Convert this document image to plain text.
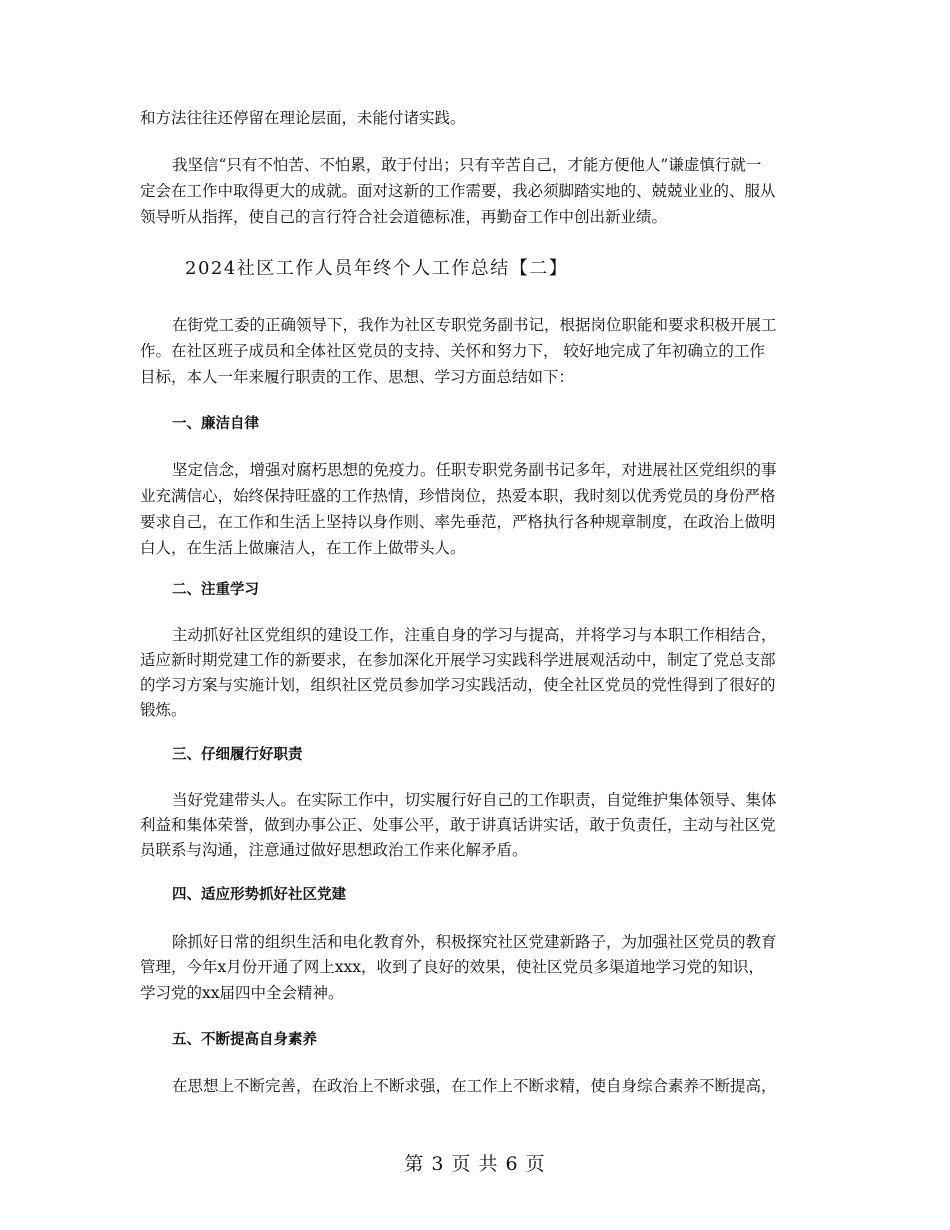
和方法往往还停留在理论层面，未能付诸实践。
我坚信“只有不怕苦、不怕累，敢于付出；只有辛苦自己，才能方便他人”谦虚慎行就一
定会在工作中取得更大的成就。面对这新的工作需要，我必须脚踏实地的、兢兢业业的、服从
领导听从指挥，使自己的言行符合社会道德标准，再勤奋工作中创出新业绩。
2024社区工作人员年终个人工作总结【二】
在街党工委的正确领导下，我作为社区专职党务副书记，根据岗位职能和要求积极开展工
作。在社区班子成员和全体社区党员的支持、关怀和努力下， 较好地完成了年初确立的工作
目标，本人一年来履行职责的工作、思想、学习方面总结如下：
一、廉洁自律
坚定信念，增强对腐朽思想的免疫力。任职专职党务副书记多年，对进展社区党组织的事
业充满信心，始终保持旺盛的工作热情，珍惜岗位，热爱本职，我时刻以优秀党员的身份严格
要求自己，在工作和生活上坚持以身作则、率先垂范，严格执行各种规章制度，在政治上做明
白人，在生活上做廉洁人，在工作上做带头人。
二、注重学习
主动抓好社区党组织的建设工作，注重自身的学习与提高，并将学习与本职工作相结合，
适应新时期党建工作的新要求，在参加深化开展学习实践科学进展观活动中，制定了党总支部
的学习方案与实施计划，组织社区党员参加学习实践活动，使全社区党员的党性得到了很好的
锻炼。
三、仔细履行好职责
当好党建带头人。在实际工作中，切实履行好自己的工作职责，自觉维护集体领导、集体
利益和集体荣誉，做到办事公正、处事公平，敢于讲真话讲实话，敢于负责任，主动与社区党
员联系与沟通，注意通过做好思想政治工作来化解矛盾。
四、适应形势抓好社区党建
除抓好日常的组织生活和电化教育外，积极探究社区党建新路子，为加强社区党员的教育
管理，今年x月份开通了网上xxx，收到了良好的效果，使社区党员多渠道地学习党的知识，
学习党的xx届四中全会精神。
五、不断提高自身素养
在思想上不断完善，在政治上不断求强，在工作上不断求精，使自身综合素养不断提高，
第 3 页 共 6 页
